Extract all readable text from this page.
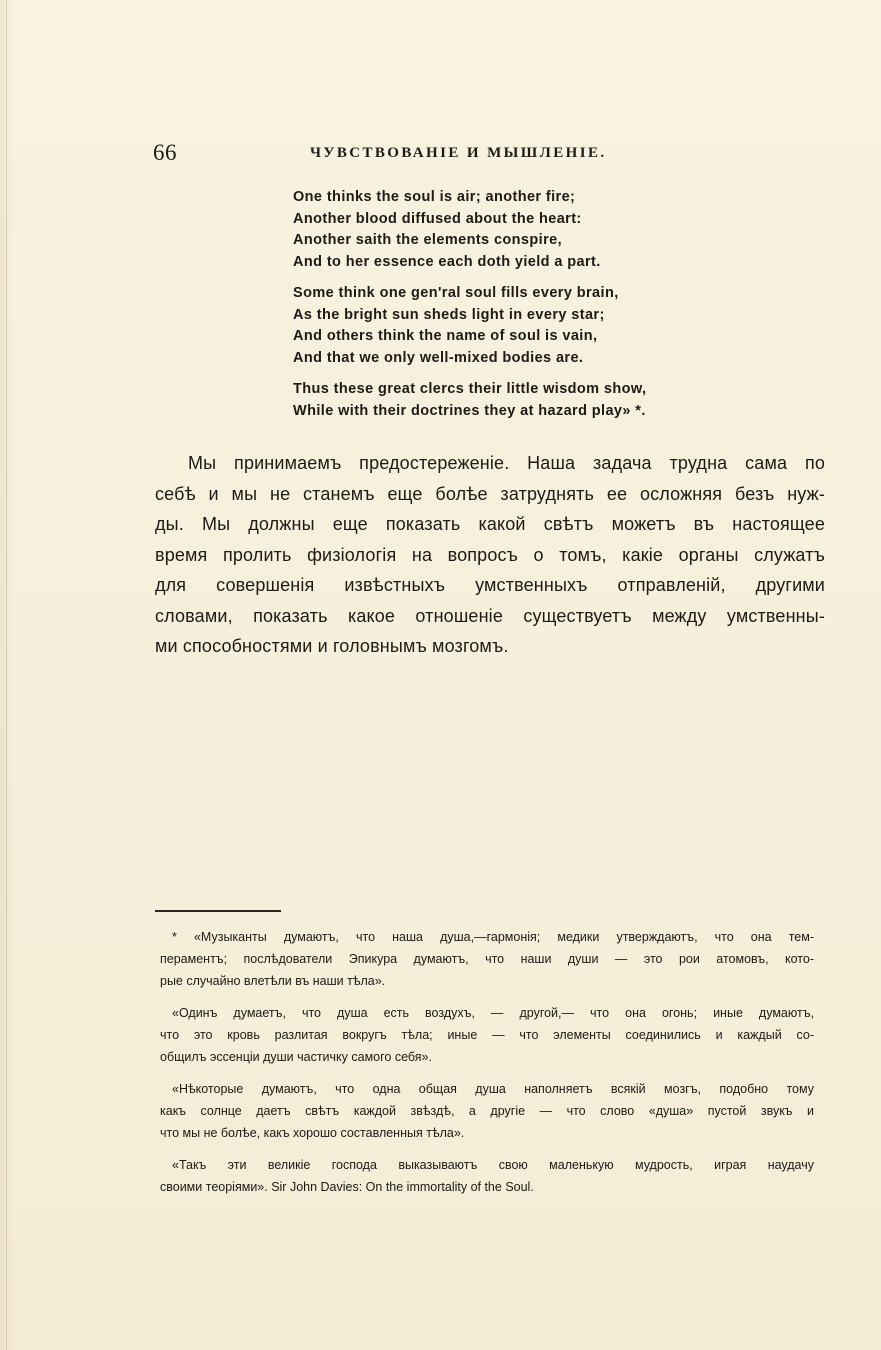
66	ЧУВСТВОВАНІЕ И МЫШЛЕНІЕ.
One thinks the soul is air; another fire;
Another blood diffused about the heart:
Another saith the elements conspire,
And to her essence each doth yield a part.
Some think one gen'ral soul fills every brain,
As the bright sun sheds light in every star;
And others think the name of soul is vain,
And that we only well-mixed bodies are.
Thus these great clercs their little wisdom show,
While with their doctrines they at hazard play» *.
Мы принимаемъ предостереженіе. Наша задача трудна сама по
себѣ и мы не станемъ еще болѣе затруднять ее осложняя безъ нуж-
ды. Мы должны еще показать какой свѣтъ можетъ въ настоящее
время пролить физіологія на вопросъ о томъ, какіе органы служатъ
для совершенія извѣстныхъ умственныхъ отправленій, другими
словами, показать какое отношеніе существуетъ между умственны-
ми способностями и головнымъ мозгомъ.
* «Музыканты думаютъ, что наша душа,—гармонія; медики утверждаютъ, что она тем-
пераментъ; послѣдователи Эпикура думаютъ, что наши души — это рои атомовъ, кото-
рые случайно влетѣли въ наши тѣла».
«Одинъ думаетъ, что душа есть воздухъ, — другой,— что она огонь; иные думаютъ,
что это кровь разлитая вокругъ тѣла; иные — что элементы соединились и каждый со-
общилъ эссенціи души частичку самого себя».
«Нѣкоторые думаютъ, что одна общая душа наполняетъ всякій мозгъ, подобно тому
какъ солнце даетъ свѣтъ каждой звѣздѣ, а другіе — что слово «душа» пустой звукъ и
что мы не болѣе, какъ хорошо составленныя тѣла».
«Такъ эти великіе господа выказываютъ свою маленькую мудрость, играя наудачу
своими теоріями». Sir John Davies: On the immortality of the Soul.
